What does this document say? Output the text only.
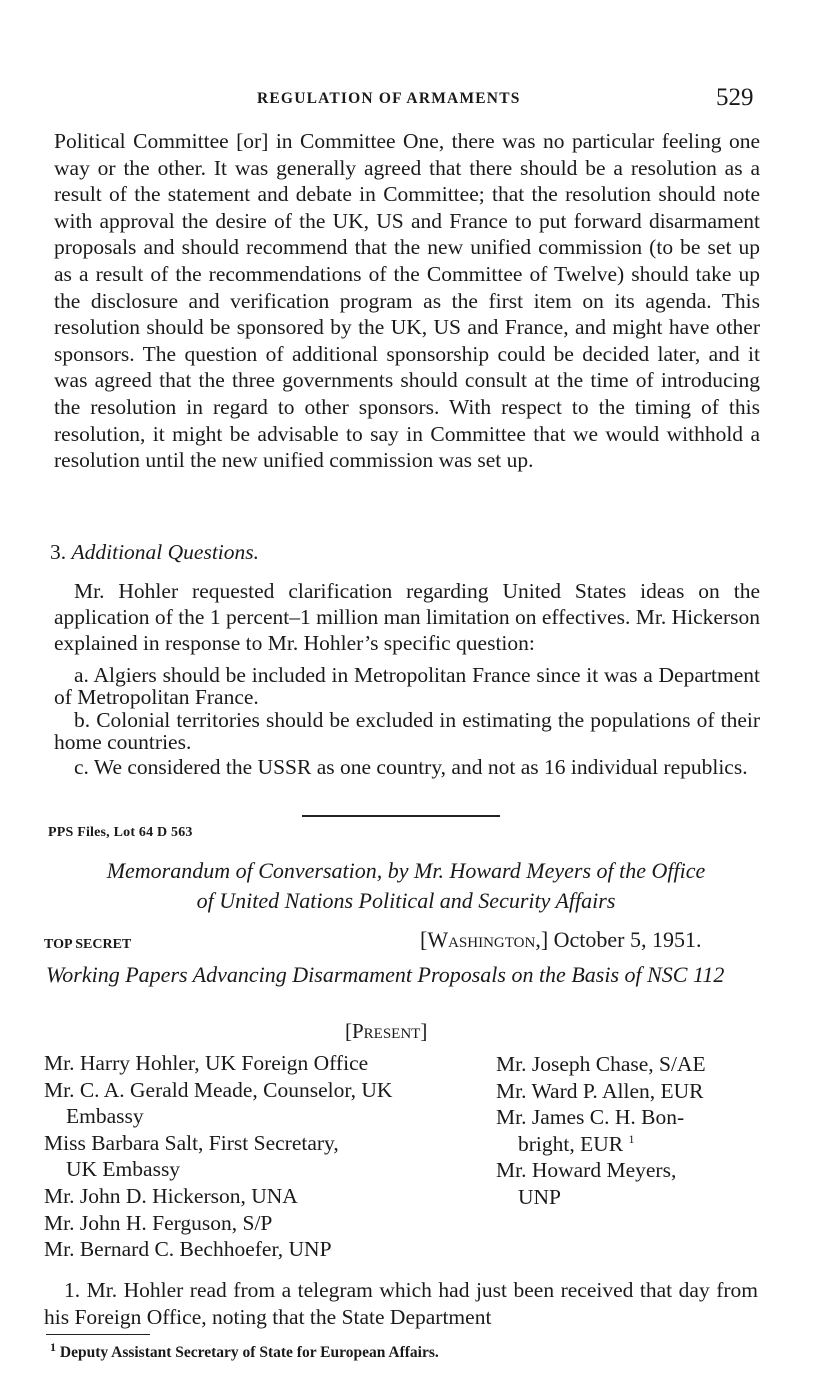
REGULATION OF ARMAMENTS	529

Political Committee [or] in Committee One, there was no particular feeling one way or the other. It was generally agreed that there should be a resolution as a result of the statement and debate in Committee; that the resolution should note with approval the desire of the UK, US and France to put forward disarmament proposals and should recommend that the new unified commission (to be set up as a result of the recommendations of the Committee of Twelve) should take up the disclosure and verification program as the first item on its agenda. This resolution should be sponsored by the UK, US and France, and might have other sponsors. The question of additional sponsorship could be decided later, and it was agreed that the three governments should consult at the time of introducing the resolution in regard to other sponsors. With respect to the timing of this resolution, it might be advisable to say in Committee that we would withhold a resolution until the new unified commission was set up.

3. Additional Questions.

Mr. Hohler requested clarification regarding United States ideas on the application of the 1 percent–1 million man limitation on effectives. Mr. Hickerson explained in response to Mr. Hohler’s specific question:

a. Algiers should be included in Metropolitan France since it was a Department of Metropolitan France.

b. Colonial territories should be excluded in estimating the populations of their home countries.

c. We considered the USSR as one country, and not as 16 individual republics.

PPS Files, Lot 64 D 563
Memorandum of Conversation, by Mr. Howard Meyers of the Office
of United Nations Political and Security Affairs
TOP SECRET	[Washington,] October 5, 1951.
Working Papers Advancing Disarmament Proposals on the Basis of NSC 112
[Present]
Mr. Harry Hohler, UK Foreign Office
Mr. C. A. Gerald Meade, Counselor, UK
Embassy
Miss Barbara Salt, First Secretary,
UK Embassy
Mr. John D. Hickerson, UNA
Mr. John H. Ferguson, S/P
Mr. Bernard C. Bechhoefer, UNP
Mr. Joseph Chase, S/AE
Mr. Ward P. Allen, EUR
Mr. James C. H. Bon-
bright, EUR $^1$
Mr. Howard Meyers,
UNP

1. Mr. Hohler read from a telegram which had just been received that day from his Foreign Office, noting that the State Department

$^1$ Deputy Assistant Secretary of State for European Affairs.
